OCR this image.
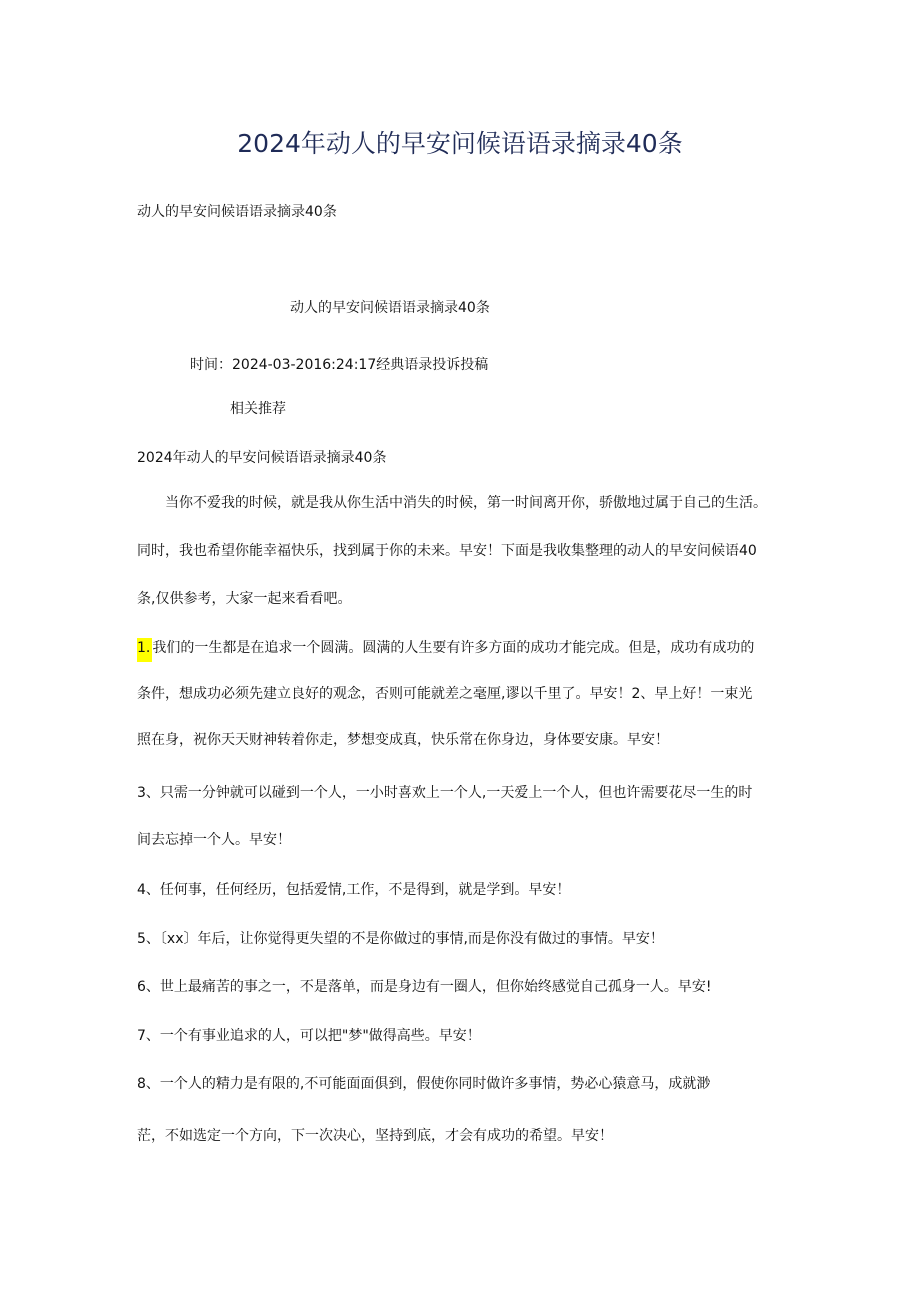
2024年动人的早安问候语语录摘录40条

动人的早安问候语语录摘录40条

动人的早安问候语语录摘录40条

时间：2024-03-2016:24:17经典语录投诉投稿

相关推荐

2024年动人的早安问候语语录摘录40条

　　当你不爱我的时候，就是我从你生活中消失的时候，第一时间离开你，骄傲地过属于自己的生活。
同时，我也希望你能幸福快乐，找到属于你的未来。早安！下面是我收集整理的动人的早安问候语40
条,仅供参考，大家一起来看看吧。
1. 我们的一生都是在追求一个圆满。圆满的人生要有许多方面的成功才能完成。但是，成功有成功的
条件，想成功必须先建立良好的观念，否则可能就差之毫厘,谬以千里了。早安！2、早上好！一束光
照在身，祝你天天财神转着你走，梦想变成真，快乐常在你身边，身体要安康。早安！
3、只需一分钟就可以碰到一个人，一小时喜欢上一个人,一天爱上一个人，但也许需要花尽一生的时
间去忘掉一个人。早安！
4、任何事，任何经历，包括爱情,工作，不是得到，就是学到。早安！
5、〔xx〕年后，让你觉得更失望的不是你做过的事情,而是你没有做过的事情。早安！
6、世上最痛苦的事之一，不是落单，而是身边有一圈人，但你始终感觉自己孤身一人。早安!
7、一个有事业追求的人，可以把"梦"做得高些。早安！
8、一个人的精力是有限的,不可能面面俱到，假使你同时做许多事情，势必心猿意马，成就渺
茫，不如选定一个方向，下一次决心，坚持到底，才会有成功的希望。早安！
